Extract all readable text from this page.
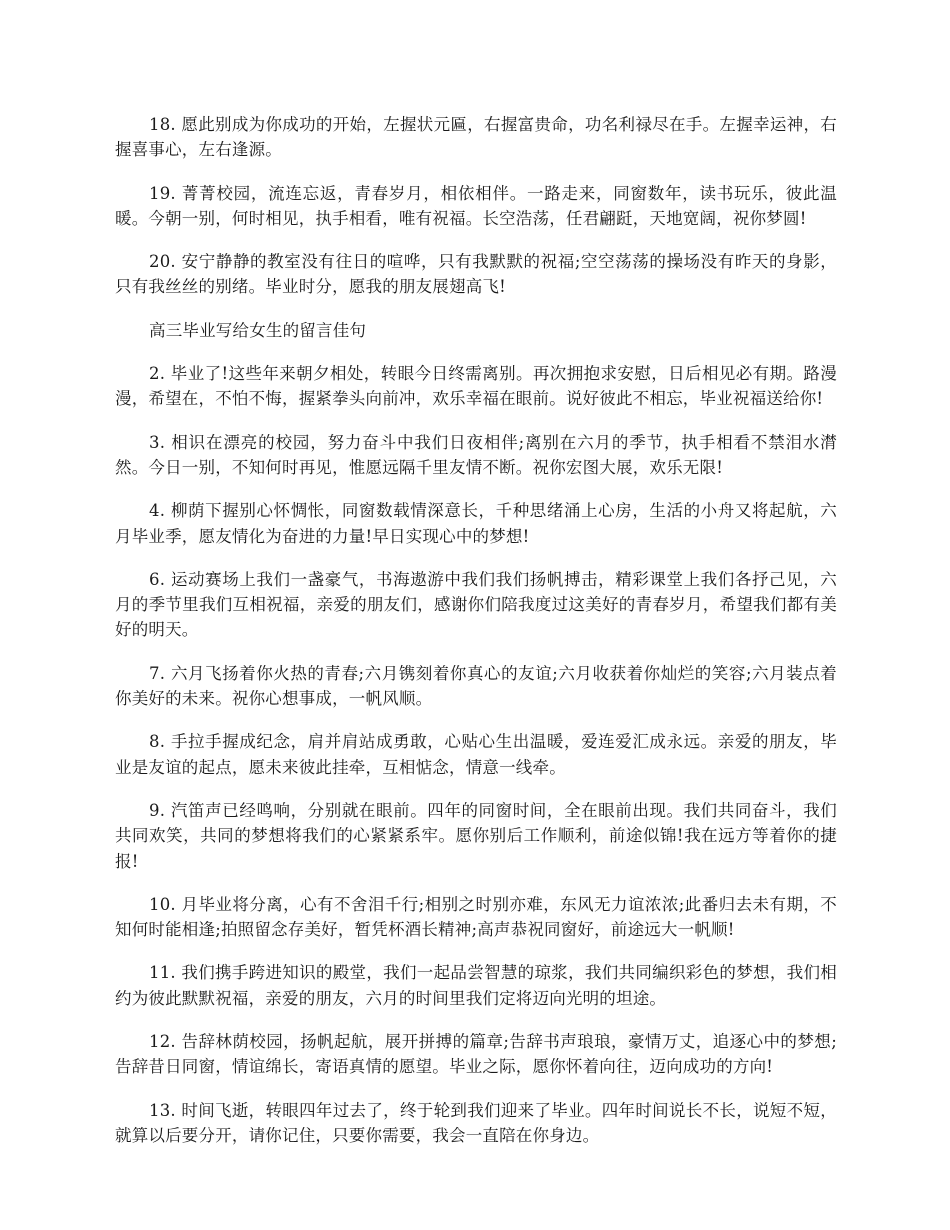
18. 愿此别成为你成功的开始，左握状元匾，右握富贵命，功名利禄尽在手。左握幸运神，右握喜事心，左右逢源。

19. 菁菁校园，流连忘返，青春岁月，相依相伴。一路走来，同窗数年，读书玩乐，彼此温暖。今朝一别，何时相见，执手相看，唯有祝福。长空浩荡，任君翩跹，天地宽阔，祝你梦圆!

20. 安宁静静的教室没有往日的喧哗，只有我默默的祝福;空空荡荡的操场没有昨天的身影，只有我丝丝的别绪。毕业时分，愿我的朋友展翅高飞!

高三毕业写给女生的留言佳句

2. 毕业了!这些年来朝夕相处，转眼今日终需离别。再次拥抱求安慰，日后相见必有期。路漫漫，希望在，不怕不悔，握紧拳头向前冲，欢乐幸福在眼前。说好彼此不相忘，毕业祝福送给你!

3. 相识在漂亮的校园，努力奋斗中我们日夜相伴;离别在六月的季节，执手相看不禁泪水潸然。今日一别，不知何时再见，惟愿远隔千里友情不断。祝你宏图大展，欢乐无限!

4. 柳荫下握别心怀惆怅，同窗数载情深意长，千种思绪涌上心房，生活的小舟又将起航，六月毕业季，愿友情化为奋进的力量!早日实现心中的梦想!

6. 运动赛场上我们一盏豪气，书海遨游中我们我们扬帆搏击，精彩课堂上我们各抒己见，六月的季节里我们互相祝福，亲爱的朋友们，感谢你们陪我度过这美好的青春岁月，希望我们都有美好的明天。

7. 六月飞扬着你火热的青春;六月镌刻着你真心的友谊;六月收获着你灿烂的笑容;六月装点着你美好的未来。祝你心想事成，一帆风顺。

8. 手拉手握成纪念，肩并肩站成勇敢，心贴心生出温暖，爱连爱汇成永远。亲爱的朋友，毕业是友谊的起点，愿未来彼此挂牵，互相惦念，情意一线牵。

9. 汽笛声已经鸣响，分别就在眼前。四年的同窗时间，全在眼前出现。我们共同奋斗，我们共同欢笑，共同的梦想将我们的心紧紧系牢。愿你别后工作顺利，前途似锦!我在远方等着你的捷报!

10. 月毕业将分离，心有不舍泪千行;相别之时别亦难，东风无力谊浓浓;此番归去未有期，不知何时能相逢;拍照留念存美好，暂凭杯酒长精神;高声恭祝同窗好，前途远大一帆顺!

11. 我们携手跨进知识的殿堂，我们一起品尝智慧的琼浆，我们共同编织彩色的梦想，我们相约为彼此默默祝福，亲爱的朋友，六月的时间里我们定将迈向光明的坦途。

12. 告辞林荫校园，扬帆起航，展开拼搏的篇章;告辞书声琅琅，豪情万丈，追逐心中的梦想;告辞昔日同窗，情谊绵长，寄语真情的愿望。毕业之际，愿你怀着向往，迈向成功的方向!

13. 时间飞逝，转眼四年过去了，终于轮到我们迎来了毕业。四年时间说长不长，说短不短，就算以后要分开，请你记住，只要你需要，我会一直陪在你身边。
